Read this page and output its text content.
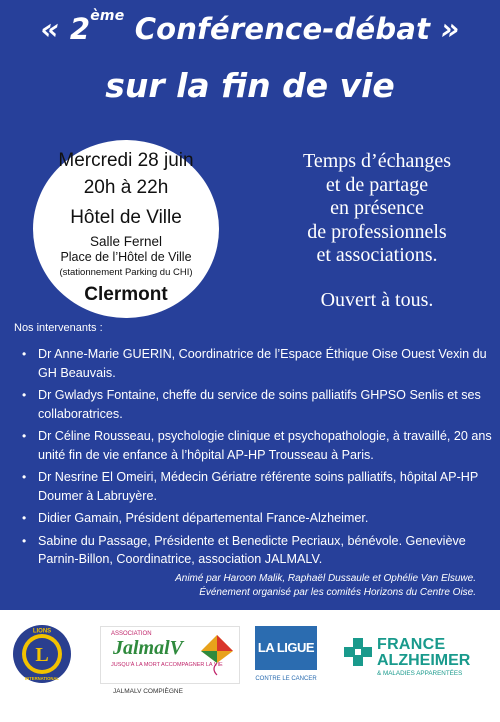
« 2ème Conférence-débat »
sur la fin de vie
Mercredi 28 juin
20h à 22h
Hôtel de Ville
Salle Fernel
Place de l’Hôtel de Ville
(stationnement Parking du CHI)
Clermont
Temps d’échanges
et de partage
en présence
de professionnels
et associations.
Ouvert à tous.
Nos intervenants :
• Dr Anne-Marie GUERIN, Coordinatrice de l’Espace Éthique Oise Ouest Vexin du GH Beauvais.
• Dr Gwladys Fontaine, cheffe du service de soins palliatifs GHPSO Senlis et ses collaboratrices.
• Dr Céline Rousseau, psychologie clinique et psychopathologie, à travaillé, 20 ans unité fin de vie enfance à l’hôpital AP-HP Trousseau à Paris.
• Dr Nesrine El Omeiri, Médecin Gériatre référente soins palliatifs, hôpital AP-HP Doumer à Labruyère.
• Didier Gamain, Président départemental France-Alzheimer.
• Sabine du Passage, Présidente et Benedicte Pecriaux, bénévole. Geneviève Parnin-Billon, Coordinatrice, association JALMALV.
Animé par Haroon Malik, Raphaël Dussaule et Ophélie Van Elsuwe.
Événement organisé par les comités Horizons du Centre Oise.
L
LIONS
INTERNATIONAL
ASSOCIATION
JalmalV
JUSQU'À LA MORT ACCOMPAGNER LA VIE
JALMALV COMPIÈGNE
LA LIGUE
CONTRE LE CANCER
FRANCE
ALZHEIMER
& MALADIES APPARENTÉES
